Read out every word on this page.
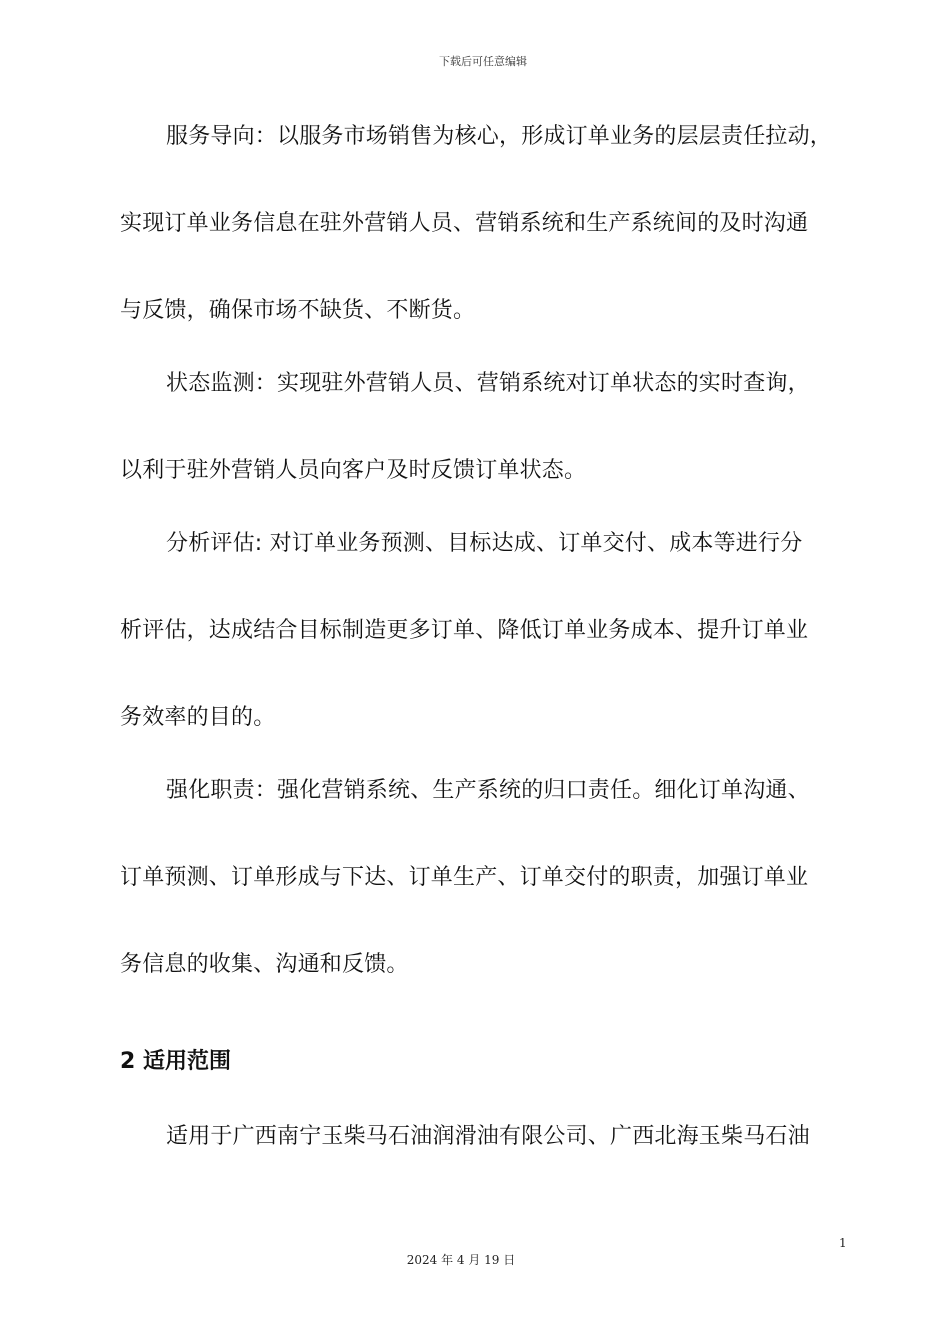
下载后可任意编辑
服务导向：以服务市场销售为核心，形成订单业务的层层责任拉动，
实现订单业务信息在驻外营销人员、营销系统和生产系统间的及时沟通
与反馈，确保市场不缺货、不断货。
状态监测：实现驻外营销人员、营销系统对订单状态的实时查询，
以利于驻外营销人员向客户及时反馈订单状态。
分析评估: 对订单业务预测、目标达成、订单交付、成本等进行分
析评估，达成结合目标制造更多订单、降低订单业务成本、提升订单业
务效率的目的。
强化职责：强化营销系统、生产系统的归口责任。细化订单沟通、
订单预测、订单形成与下达、订单生产、订单交付的职责，加强订单业
务信息的收集、沟通和反馈。
2 适用范围
适用于广西南宁玉柴马石油润滑油有限公司、广西北海玉柴马石油
1
2024 年 4 月 19 日
